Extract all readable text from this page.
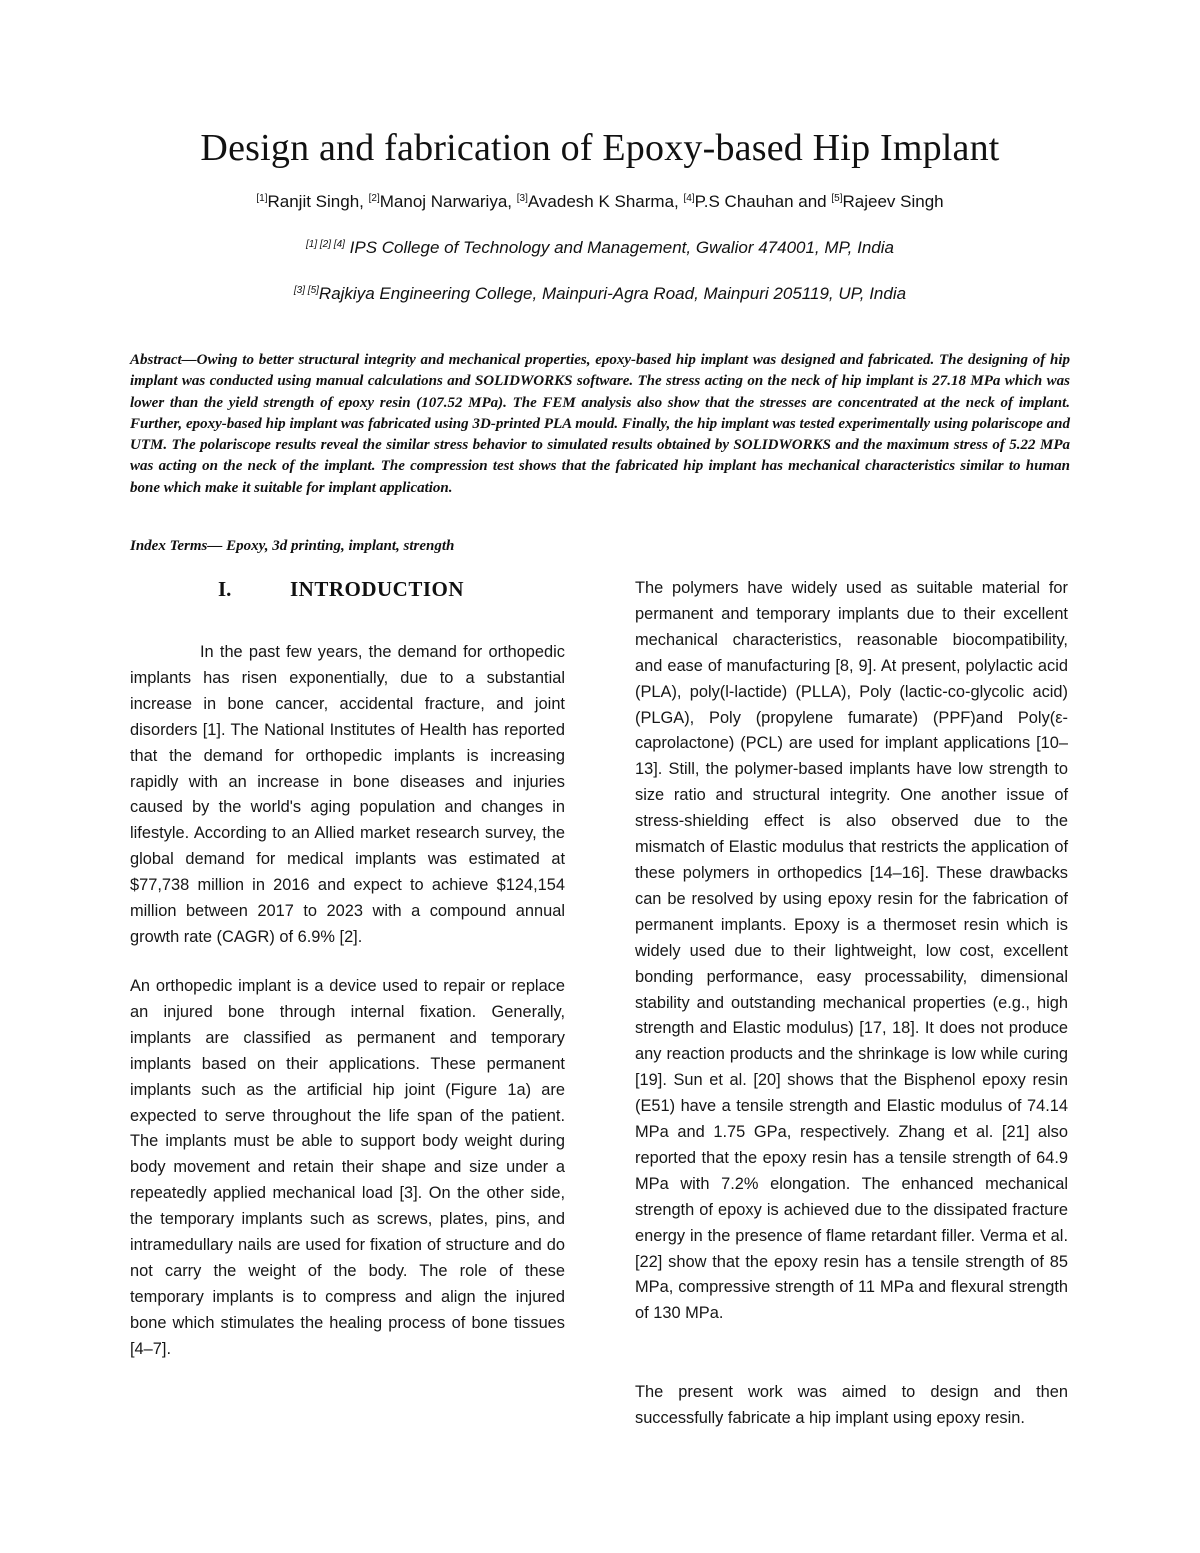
Design and fabrication of Epoxy-based Hip Implant

[1]Ranjit Singh, [2]Manoj Narwariya, [3]Avadesh K Sharma, [4]P.S Chauhan and [5]Rajeev Singh

[1] [2] [4] IPS College of Technology and Management, Gwalior 474001, MP, India

[3] [5]Rajkiya Engineering College, Mainpuri-Agra Road, Mainpuri 205119, UP, India

Abstract—Owing to better structural integrity and mechanical properties, epoxy-based hip implant was designed and fabricated. The designing of hip implant was conducted using manual calculations and SOLIDWORKS software. The stress acting on the neck of hip implant is 27.18 MPa which was lower than the yield strength of epoxy resin (107.52 MPa). The FEM analysis also show that the stresses are concentrated at the neck of implant. Further, epoxy-based hip implant was fabricated using 3D-printed PLA mould. Finally, the hip implant was tested experimentally using polariscope and UTM. The polariscope results reveal the similar stress behavior to simulated results obtained by SOLIDWORKS and the maximum stress of 5.22 MPa was acting on the neck of the implant. The compression test shows that the fabricated hip implant has mechanical characteristics similar to human bone which make it suitable for implant application.

Index Terms— Epoxy, 3d printing, implant, strength

I.	INTRODUCTION

In the past few years, the demand for orthopedic implants has risen exponentially, due to a substantial increase in bone cancer, accidental fracture, and joint disorders [1]. The National Institutes of Health has reported that the demand for orthopedic implants is increasing rapidly with an increase in bone diseases and injuries caused by the world's aging population and changes in lifestyle. According to an Allied market research survey, the global demand for medical implants was estimated at $77,738 million in 2016 and expect to achieve $124,154 million between 2017 to 2023 with a compound annual growth rate (CAGR) of 6.9% [2].

An orthopedic implant is a device used to repair or replace an injured bone through internal fixation. Generally, implants are classified as permanent and temporary implants based on their applications. These permanent implants such as the artificial hip joint (Figure 1a) are expected to serve throughout the life span of the patient. The implants must be able to support body weight during body movement and retain their shape and size under a repeatedly applied mechanical load [3]. On the other side, the temporary implants such as screws, plates, pins, and intramedullary nails are used for fixation of structure and do not carry the weight of the body. The role of these temporary implants is to compress and align the injured bone which stimulates the healing process of bone tissues [4–7].

The polymers have widely used as suitable material for permanent and temporary implants due to their excellent mechanical characteristics, reasonable biocompatibility, and ease of manufacturing [8, 9]. At present, polylactic acid (PLA), poly(l-lactide) (PLLA), Poly (lactic-co-glycolic acid) (PLGA), Poly (propylene fumarate) (PPF)and Poly(ε-caprolactone) (PCL) are used for implant applications [10–13]. Still, the polymer-based implants have low strength to size ratio and structural integrity. One another issue of stress-shielding effect is also observed due to the mismatch of Elastic modulus that restricts the application of these polymers in orthopedics [14–16]. These drawbacks can be resolved by using epoxy resin for the fabrication of permanent implants. Epoxy is a thermoset resin which is widely used due to their lightweight, low cost, excellent bonding performance, easy processability, dimensional stability and outstanding mechanical properties (e.g., high strength and Elastic modulus) [17, 18]. It does not produce any reaction products and the shrinkage is low while curing [19]. Sun et al. [20] shows that the Bisphenol epoxy resin (E51) have a tensile strength and Elastic modulus of 74.14 MPa and 1.75 GPa, respectively. Zhang et al. [21] also reported that the epoxy resin has a tensile strength of 64.9 MPa with 7.2% elongation. The enhanced mechanical strength of epoxy is achieved due to the dissipated fracture energy in the presence of flame retardant filler. Verma et al. [22] show that the epoxy resin has a tensile strength of 85 MPa, compressive strength of 11 MPa and flexural strength of 130 MPa.

The present work was aimed to design and then successfully fabricate a hip implant using epoxy resin.
